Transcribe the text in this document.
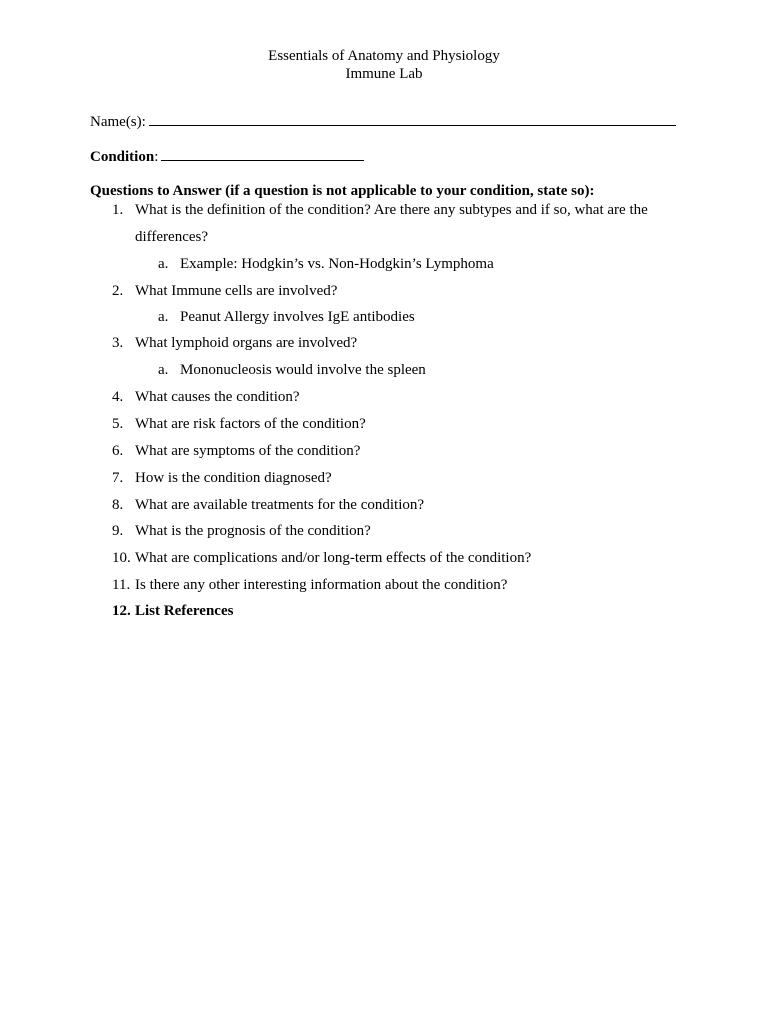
Essentials of Anatomy and Physiology
Immune Lab
Name(s):
Condition:
Questions to Answer (if a question is not applicable to your condition, state so):
1. What is the definition of the condition? Are there any subtypes and if so, what are the
differences?
a. Example: Hodgkin’s vs. Non-Hodgkin’s Lymphoma
2. What Immune cells are involved?
a. Peanut Allergy involves IgE antibodies
3. What lymphoid organs are involved?
a. Mononucleosis would involve the spleen
4. What causes the condition?
5. What are risk factors of the condition?
6. What are symptoms of the condition?
7. How is the condition diagnosed?
8. What are available treatments for the condition?
9. What is the prognosis of the condition?
10. What are complications and/or long-term effects of the condition?
11. Is there any other interesting information about the condition?
12. List References
